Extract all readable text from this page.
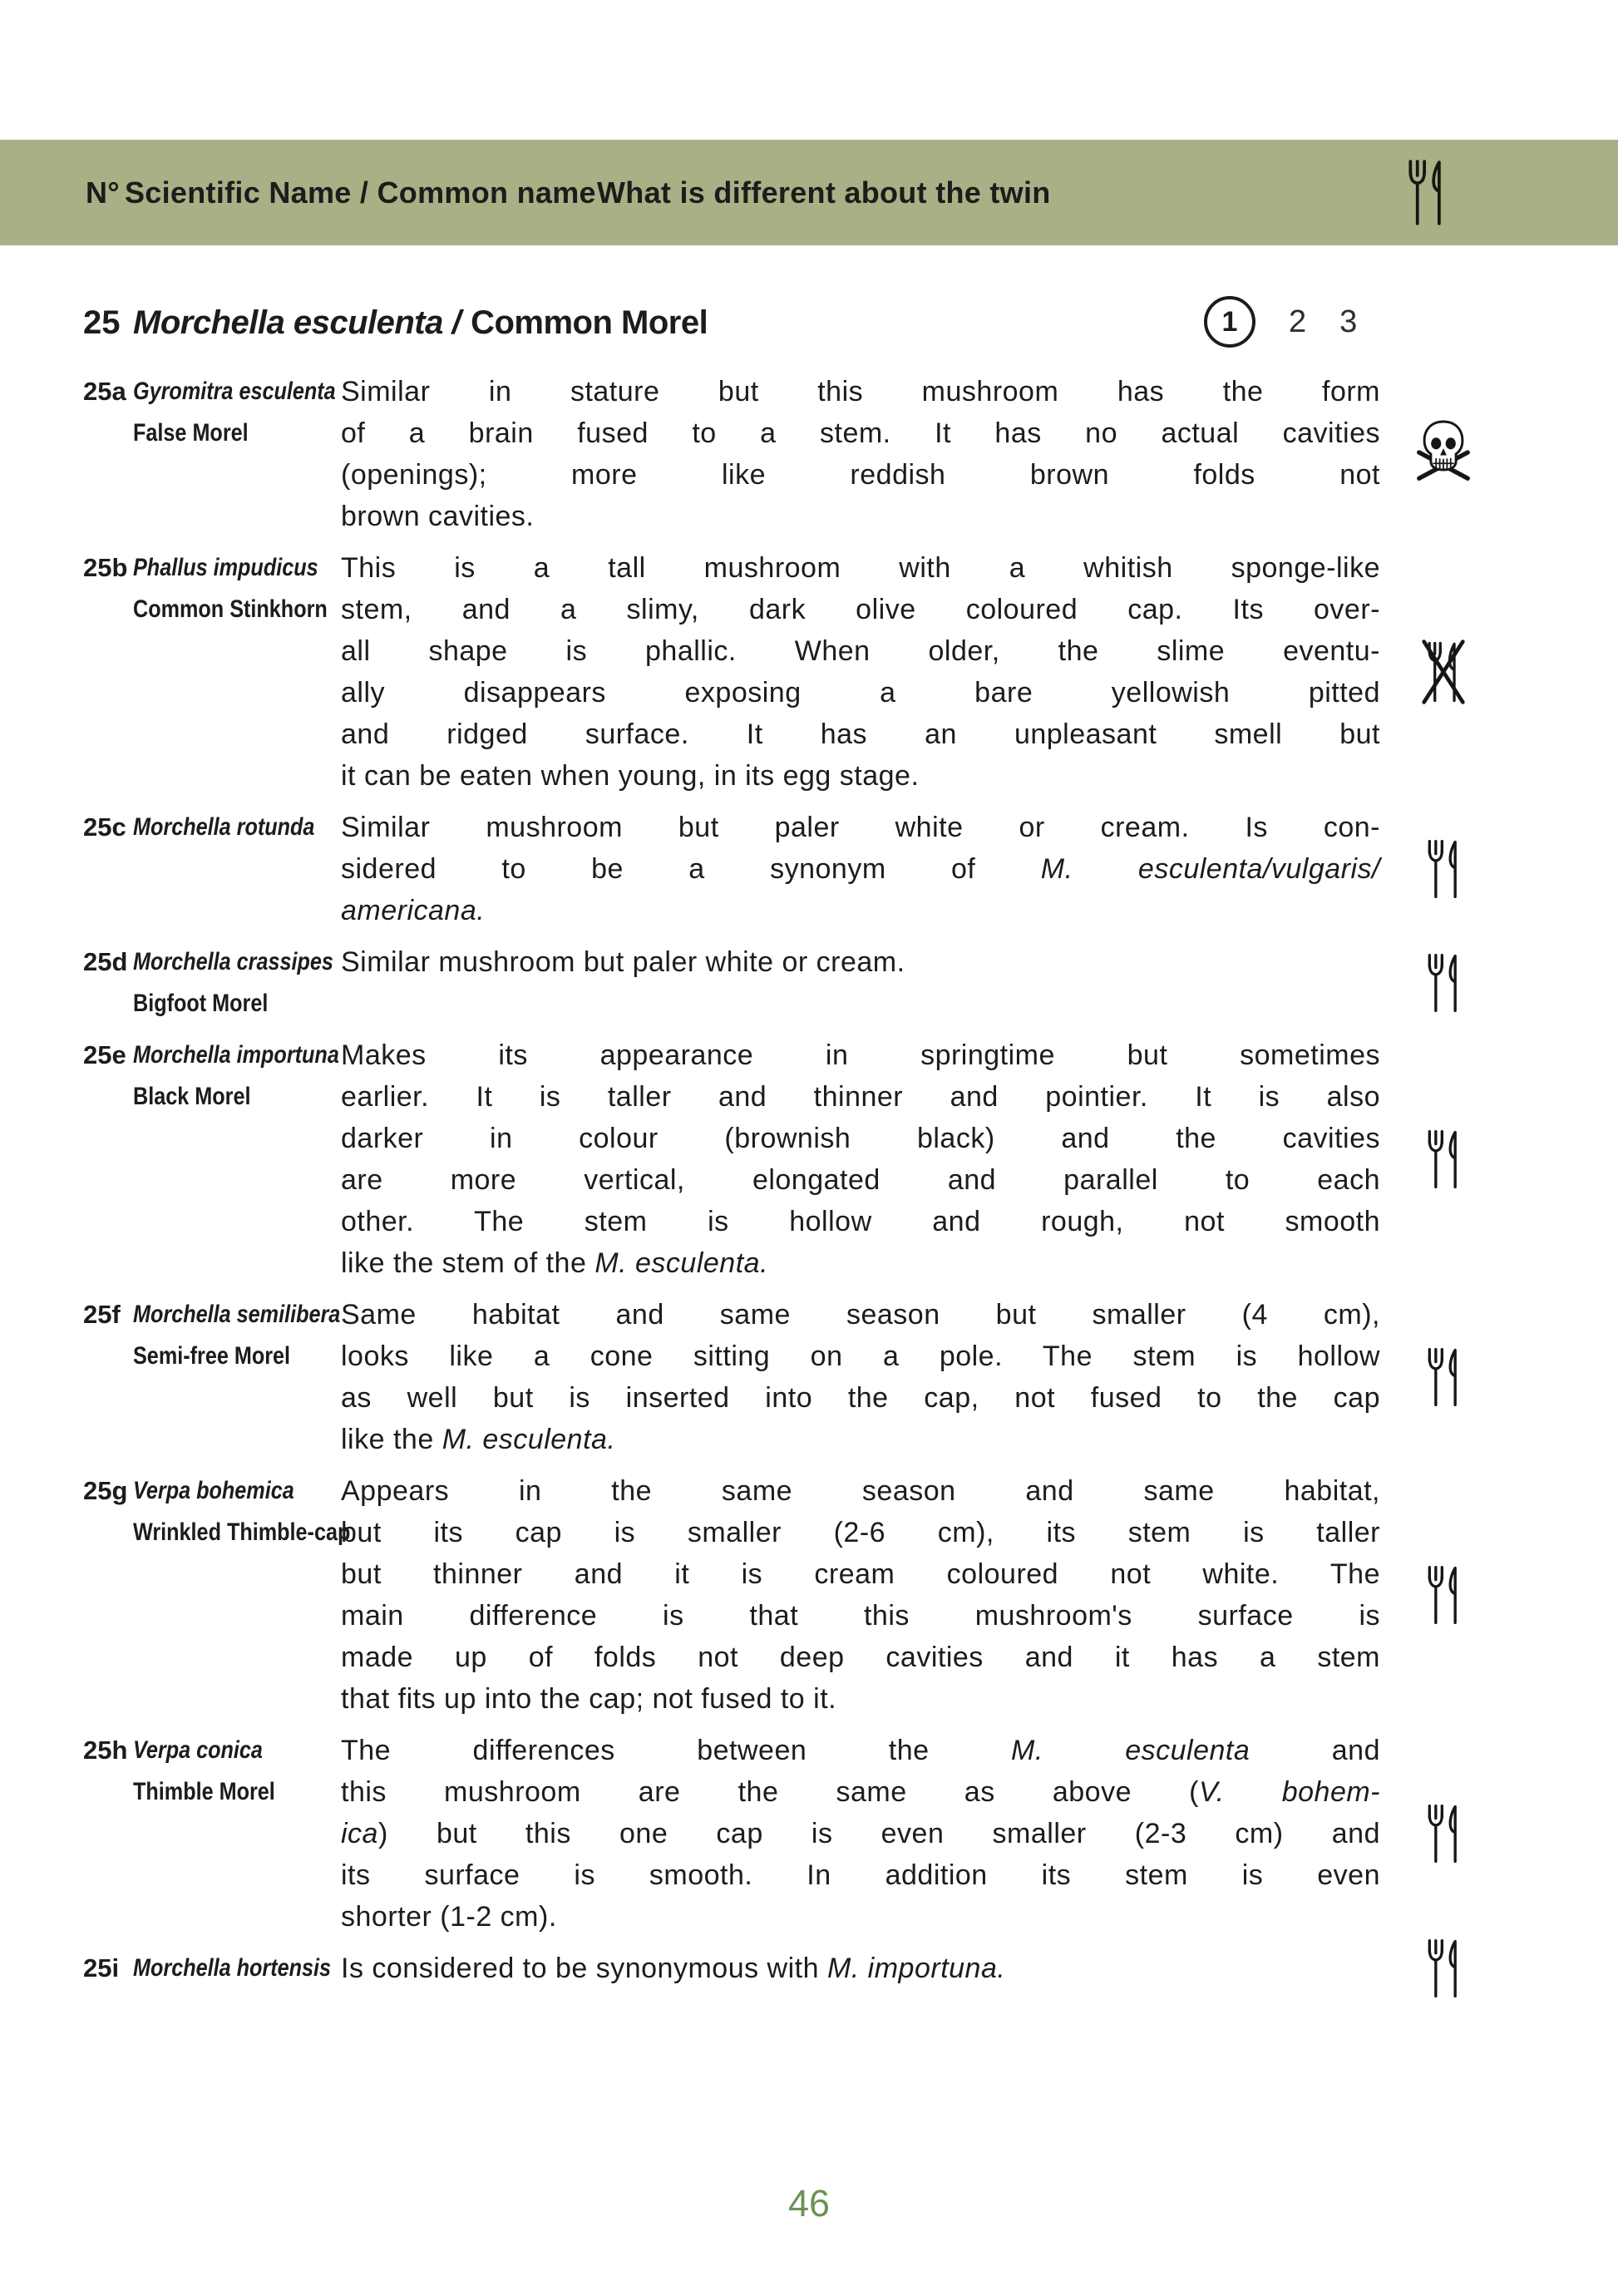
N° Scientific Name / Common name What is different about the twin
25 Morchella esculenta / Common Morel	1	2 3
25a Gyromitra esculenta
False Morel
Similar in stature but this mushroom has the form
of a brain fused to a stem. It has no actual cavities
(openings); more like reddish brown folds not
brown cavities.
25b Phallus impudicus
Common Stinkhorn
This is a tall mushroom with a whitish sponge-like
stem, and a slimy, dark olive coloured cap. Its over-
all shape is phallic. When older, the slime eventu-
ally disappears exposing a bare yellowish pitted
and ridged surface. It has an unpleasant smell but
it can be eaten when young, in its egg stage.
25c Morchella rotunda Similar mushroom but paler white or cream. Is con-
sidered to be a synonym of M. esculenta/vulgaris/
americana.
25d Morchella crassipes
Bigfoot Morel
Similar mushroom but paler white or cream.
25e Morchella importuna
Black Morel
Makes its appearance in springtime but sometimes
earlier. It is taller and thinner and pointier. It is also
darker in colour (brownish black) and the cavities
are more vertical, elongated and parallel to each
other. The stem is hollow and rough, not smooth
like the stem of the M. esculenta.
25f Morchella semilibera
Semi-free Morel
Same habitat and same season but smaller (4 cm),
looks like a cone sitting on a pole. The stem is hollow
as well but is inserted into the cap, not fused to the cap
like the M. esculenta.
25g Verpa bohemica
Wrinkled Thimble-cap
Appears in the same season and same habitat,
but its cap is smaller (2-6 cm), its stem is taller
but thinner and it is cream coloured not white. The
main difference is that this mushroom's surface is
made up of folds not deep cavities and it has a stem
that fits up into the cap; not fused to it.
25h Verpa conica
Thimble Morel
The differences between the M. esculenta and
this mushroom are the same as above (V. bohem-
ica) but this one cap is even smaller (2-3 cm) and
its surface is smooth. In addition its stem is even
shorter (1-2 cm).
25i Morchella hortensis Is considered to be synonymous with M. importuna.
46
